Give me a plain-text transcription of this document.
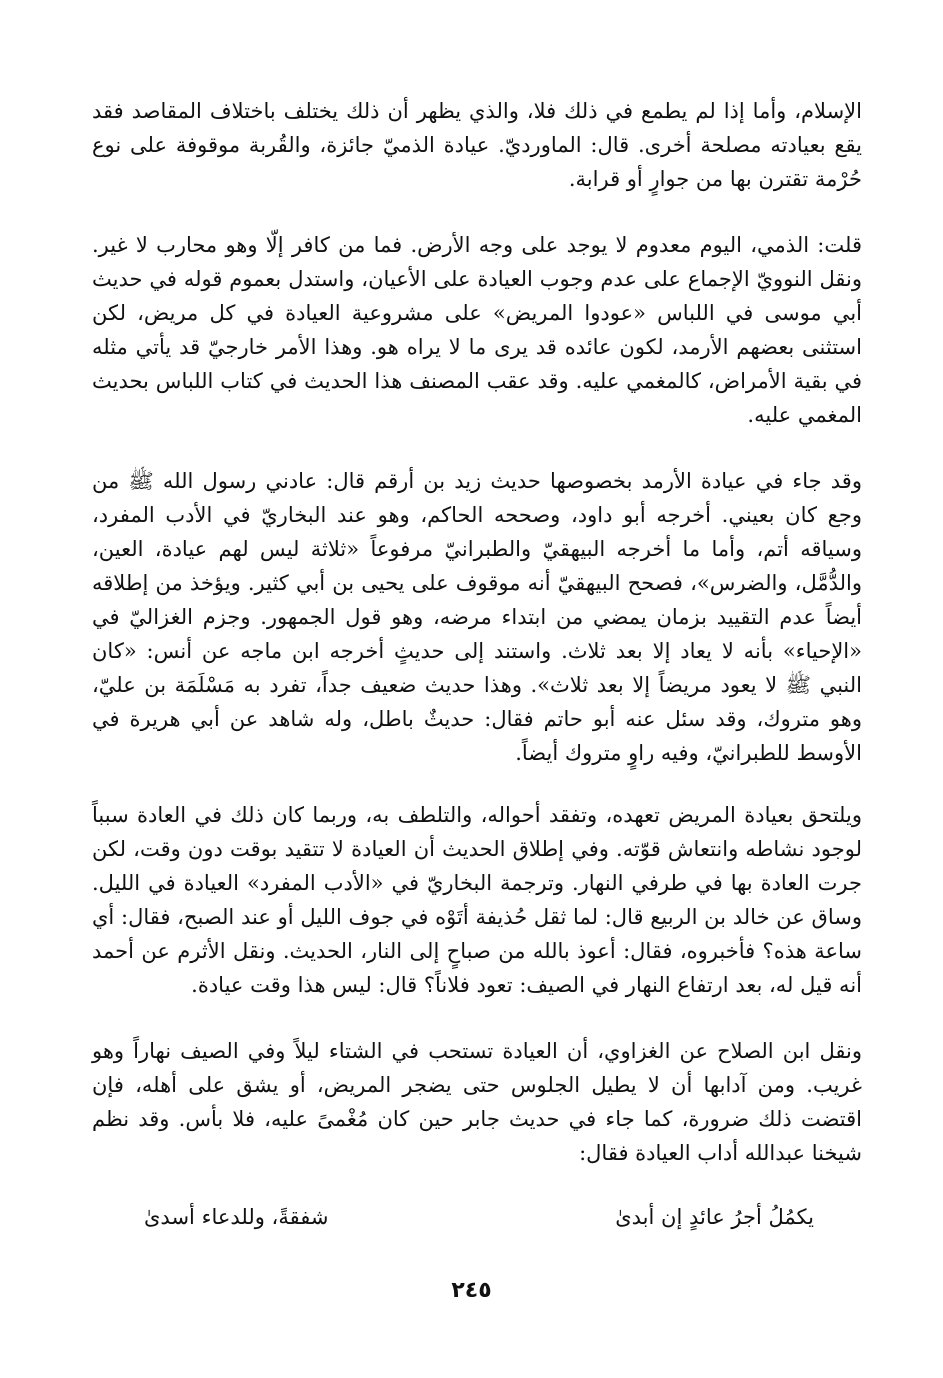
الإسلام، وأما إذا لم يطمع في ذلك فلا، والذي يظهر أن ذلك يختلف باختلاف المقاصد فقد يقع بعيادته مصلحة أخرى. قال: الماورديّ. عيادة الذميّ جائزة، والقُربة موقوفة على نوع حُرْمة تقترن بها من جوارٍ أو قرابة.

قلت: الذمي، اليوم معدوم لا يوجد على وجه الأرض. فما من كافر إلّا وهو محارب لا غير. ونقل النوويّ الإجماع على عدم وجوب العيادة على الأعيان، واستدل بعموم قوله في حديث أبي موسى في اللباس «عودوا المريض» على مشروعية العيادة في كل مريض، لكن استثنى بعضهم الأرمد، لكون عائده قد يرى ما لا يراه هو. وهذا الأمر خارجيّ قد يأتي مثله في بقية الأمراض، كالمغمي عليه. وقد عقب المصنف هذا الحديث في كتاب اللباس بحديث المغمي عليه.

وقد جاء في عيادة الأرمد بخصوصها حديث زيد بن أرقم قال: عادني رسول الله ﷺ من وجع كان بعيني. أخرجه أبو داود، وصححه الحاكم، وهو عند البخاريّ في الأدب المفرد، وسياقه أتم، وأما ما أخرجه البيهقيّ والطبرانيّ مرفوعاً «ثلاثة ليس لهم عيادة، العين، والدُّمَّل، والضرس»، فصحح البيهقيّ أنه موقوف على يحيى بن أبي كثير. ويؤخذ من إطلاقه أيضاً عدم التقييد بزمان يمضي من ابتداء مرضه، وهو قول الجمهور. وجزم الغزاليّ في «الإحياء» بأنه لا يعاد إلا بعد ثلاث. واستند إلى حديثٍ أخرجه ابن ماجه عن أنس: «كان النبي ﷺ لا يعود مريضاً إلا بعد ثلاث». وهذا حديث ضعيف جداً، تفرد به مَسْلَمَة بن عليّ، وهو متروك، وقد سئل عنه أبو حاتم فقال: حديثٌ باطل، وله شاهد عن أبي هريرة في الأوسط للطبرانيّ، وفيه راوٍ متروك أيضاً.

ويلتحق بعيادة المريض تعهده، وتفقد أحواله، والتلطف به، وربما كان ذلك في العادة سبباً لوجود نشاطه وانتعاش قوّته. وفي إطلاق الحديث أن العيادة لا تتقيد بوقت دون وقت، لكن جرت العادة بها في طرفي النهار. وترجمة البخاريّ في «الأدب المفرد» العيادة في الليل. وساق عن خالد بن الربيع قال: لما ثقل حُذيفة أتَوْه في جوف الليل أو عند الصبح، فقال: أي ساعة هذه؟ فأخبروه، فقال: أعوذ بالله من صباحٍ إلى النار، الحديث. ونقل الأثرم عن أحمد أنه قيل له، بعد ارتفاع النهار في الصيف: تعود فلاناً؟ قال: ليس هذا وقت عيادة.

ونقل ابن الصلاح عن الغزاوي، أن العيادة تستحب في الشتاء ليلاً وفي الصيف نهاراً وهو غريب. ومن آدابها أن لا يطيل الجلوس حتى يضجر المريض، أو يشق على أهله، فإن اقتضت ذلك ضرورة، كما جاء في حديث جابر حين كان مُغْمىً عليه، فلا بأس. وقد نظم شيخنا عبدالله أداب العيادة فقال:

يكمُلُ أجرُ عائدٍ إن أبدىٰ
شفقةً، وللدعاء أسدىٰ
٢٤٥
